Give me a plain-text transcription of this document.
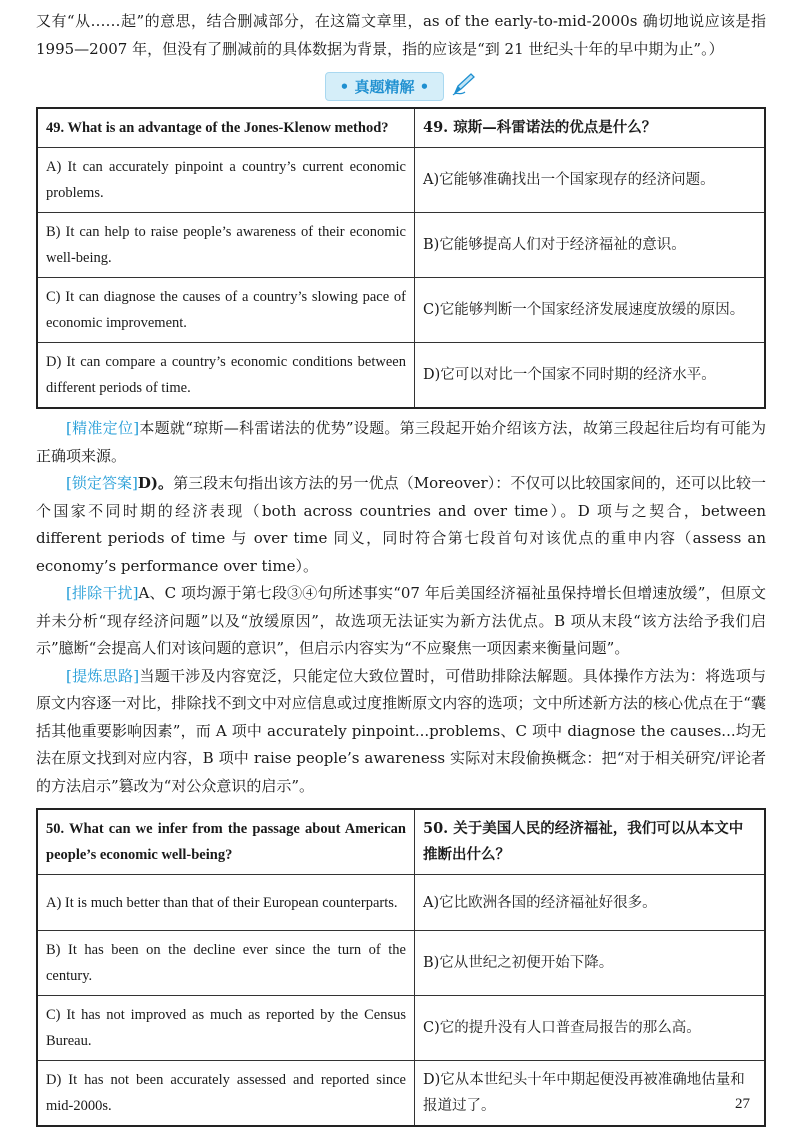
又有“从……起”的意思，结合删减部分，在这篇文章里，as of the early-to-mid-2000s 确切地说应该是指 1995—2007 年，但没有了删减前的具体数据为背景，指的应该是“到 21 世纪头十年的早中期为止”。）

• 真题精解 •
49. What is an advantage of the Jones-Klenow method?	49. 琼斯—科雷诺法的优点是什么？
A) It can accurately pinpoint a country’s current economic problems.	A)它能够准确找出一个国家现存的经济问题。
B) It can help to raise people’s awareness of their economic well-being.	B)它能够提高人们对于经济福祉的意识。
C) It can diagnose the causes of a country’s slowing pace of economic improvement.	C)它能够判断一个国家经济发展速度放缓的原因。
D) It can compare a country’s economic conditions between different periods of time.	D)它可以对比一个国家不同时期的经济水平。

[精准定位]本题就“琼斯—科雷诺法的优势”设题。第三段起开始介绍该方法，故第三段起往后均有可能为正确项来源。

[锁定答案]D)。第三段末句指出该方法的另一优点（Moreover）：不仅可以比较国家间的，还可以比较一个国家不同时期的经济表现（both across countries and over time）。D 项与之契合，between different periods of time 与 over time 同义，同时符合第七段首句对该优点的重申内容（assess an economy’s performance over time）。

[排除干扰]A、C 项均源于第七段③④句所述事实“07 年后美国经济福祉虽保持增长但增速放缓”，但原文并未分析“现存经济问题”以及“放缓原因”，故选项无法证实为新方法优点。B 项从末段“该方法给予我们启示”臆断“会提高人们对该问题的意识”，但启示内容实为“不应聚焦一项因素来衡量问题”。

[提炼思路]当题干涉及内容宽泛，只能定位大致位置时，可借助排除法解题。具体操作方法为：将选项与原文内容逐一对比，排除找不到文中对应信息或过度推断原文内容的选项；文中所述新方法的核心优点在于“囊括其他重要影响因素”，而 A 项中 accurately pinpoint...problems、C 项中 diagnose the causes...均无法在原文找到对应内容，B 项中 raise people’s awareness 实际对末段偷换概念：把“对于相关研究/评论者的方法启示”篡改为“对公众意识的启示”。

50. What can we infer from the passage about American people’s economic well-being?	50. 关于美国人民的经济福祉，我们可以从本文中推断出什么？
A) It is much better than that of their European counterparts.	A)它比欧洲各国的经济福祉好很多。
B) It has been on the decline ever since the turn of the century.	B)它从世纪之初便开始下降。
C) It has not improved as much as reported by the Census Bureau.	C)它的提升没有人口普查局报告的那么高。
D) It has not been accurately assessed and reported since mid-2000s.	D)它从本世纪头十年中期起便没再被准确地估量和报道过了。	27
